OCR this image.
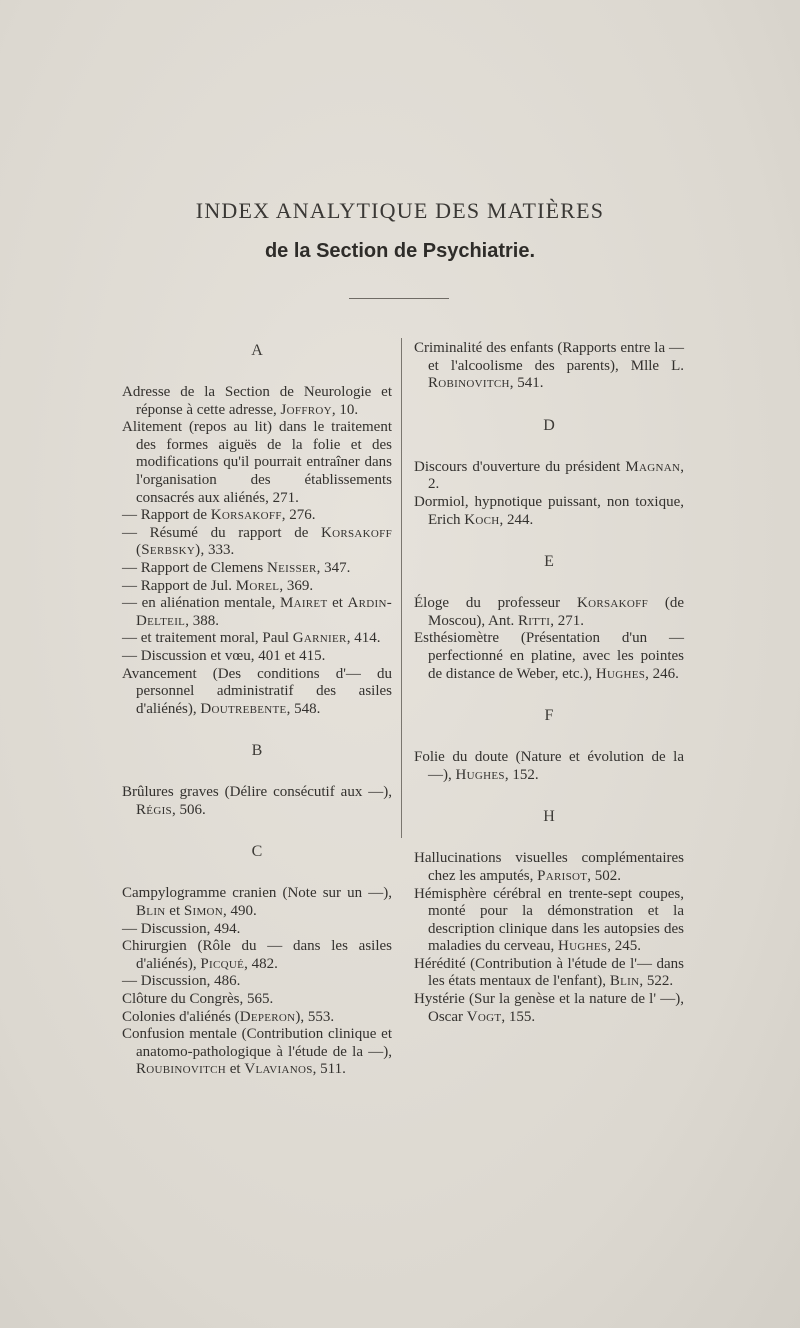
INDEX ANALYTIQUE DES MATIÈRES
de la Section de Psychiatrie.
A

Adresse de la Section de Neurologie et réponse à cette adresse, Joffroy, 10.

Alitement (repos au lit) dans le traitement des formes aiguës de la folie et des modifications qu'il pourrait entraîner dans l'organisation des établissements consacrés aux aliénés, 271.

— Rapport de Korsakoff, 276.

— Résumé du rapport de Korsakoff (Serbsky), 333.

— Rapport de Clemens Neisser, 347.

— Rapport de Jul. Morel, 369.

— en aliénation mentale, Mairet et Ardin-Delteil, 388.

— et traitement moral, Paul Garnier, 414.

— Discussion et vœu, 401 et 415.

Avancement (Des conditions d'— du personnel administratif des asiles d'aliénés), Doutrebente, 548.

B

Brûlures graves (Délire consécutif aux —), Régis, 506.

C

Campylogramme cranien (Note sur un —), Blin et Simon, 490.

— Discussion, 494.

Chirurgien (Rôle du — dans les asiles d'aliénés), Picqué, 482.

— Discussion, 486.

Clôture du Congrès, 565.

Colonies d'aliénés (Deperon), 553.

Confusion mentale (Contribution clinique et anatomo-pathologique à l'étude de la —), Roubinovitch et Vlavianos, 511.

Criminalité des enfants (Rapports entre la — et l'alcoolisme des parents), Mlle L. Robinovitch, 541.

D

Discours d'ouverture du président Magnan, 2.

Dormiol, hypnotique puissant, non toxique, Erich Koch, 244.

E

Éloge du professeur Korsakoff (de Moscou), Ant. Ritti, 271.

Esthésiomètre (Présentation d'un — perfectionné en platine, avec les pointes de distance de Weber, etc.), Hughes, 246.

F

Folie du doute (Nature et évolution de la —), Hughes, 152.

H

Hallucinations visuelles complémentaires chez les amputés, Parisot, 502.

Hémisphère cérébral en trente-sept coupes, monté pour la démonstration et la description clinique dans les autopsies des maladies du cerveau, Hughes, 245.

Hérédité (Contribution à l'étude de l'— dans les états mentaux de l'enfant), Blin, 522.

Hystérie (Sur la genèse et la nature de l' —), Oscar Vogt, 155.
